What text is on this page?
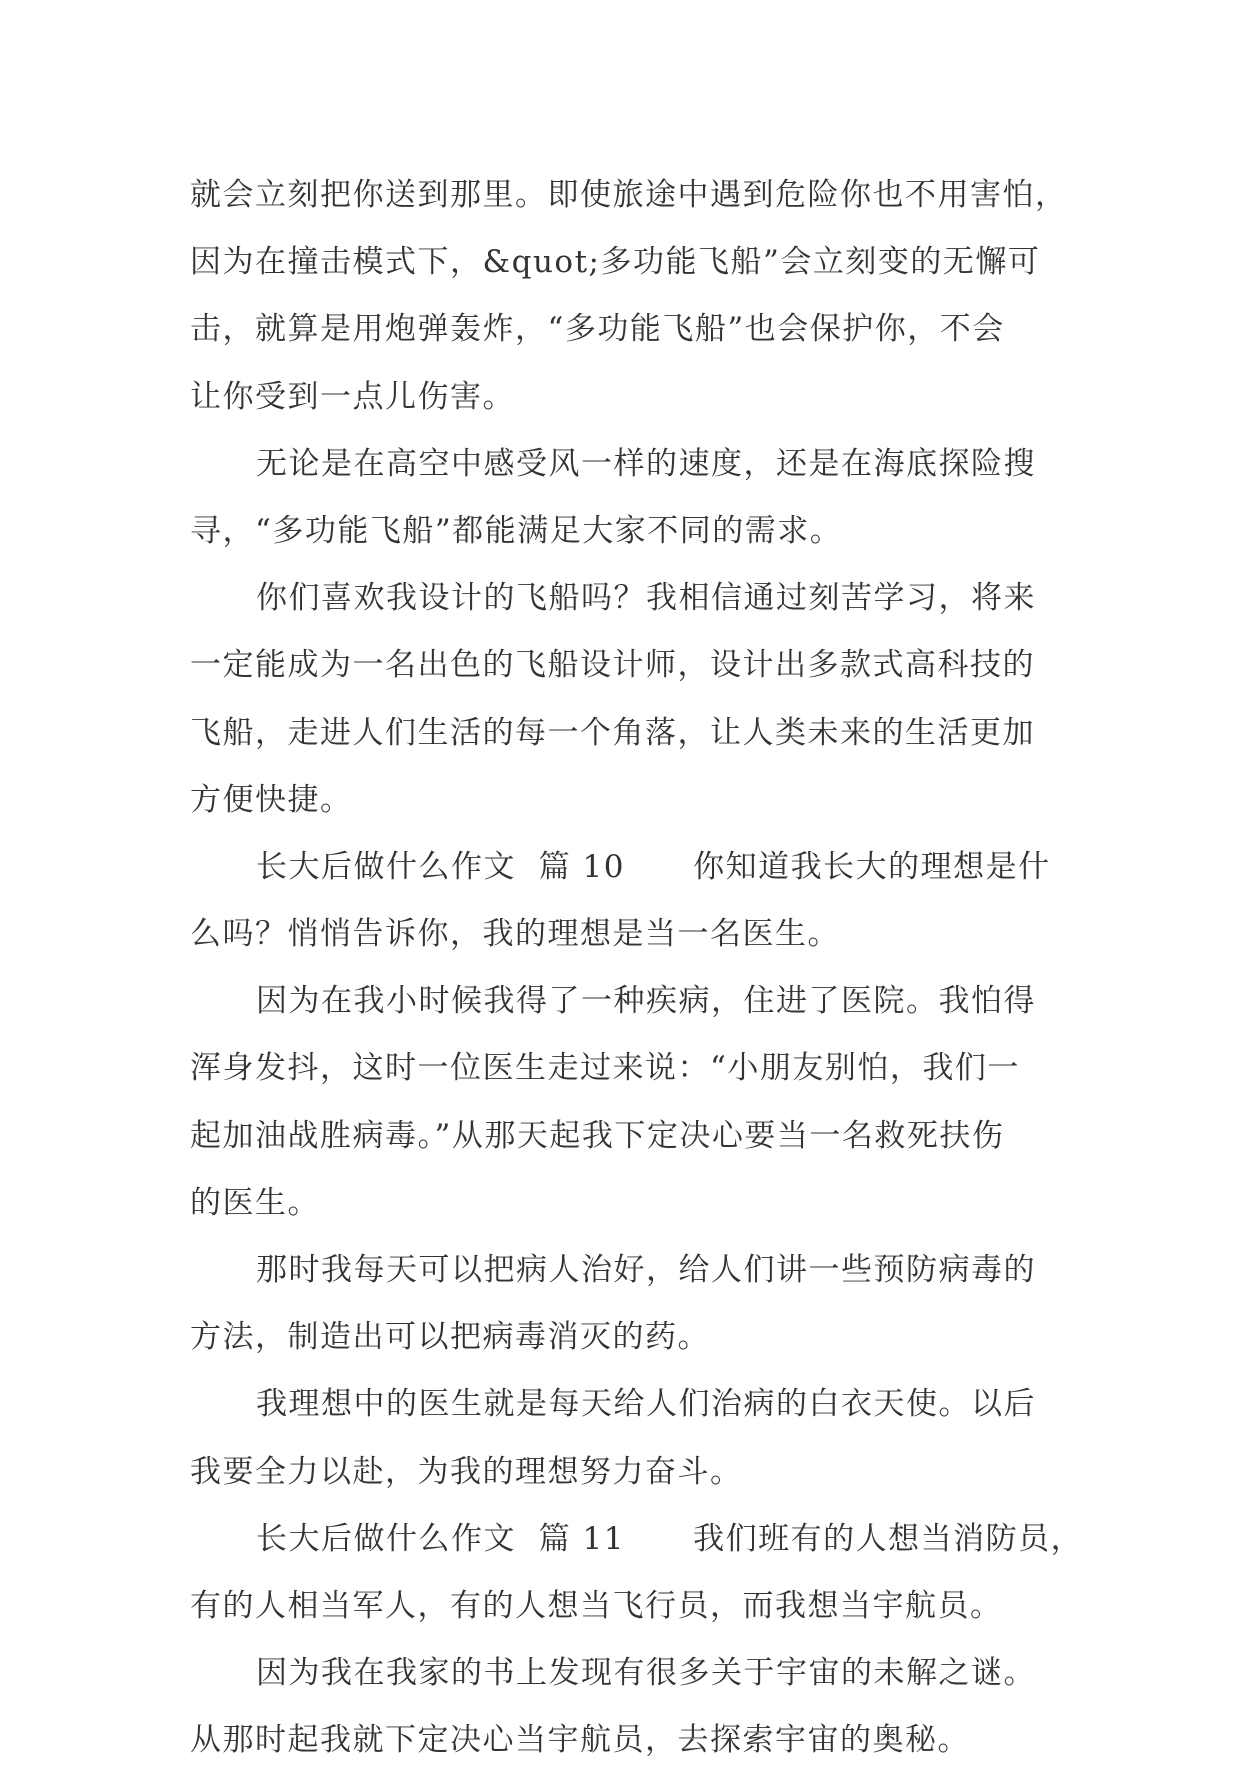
就会立刻把你送到那里。即使旅途中遇到危险你也不用害怕，
因为在撞击模式下，&quot;多功能飞船”会立刻变的无懈可
击，就算是用炮弹轰炸，“多功能飞船”也会保护你，不会
让你受到一点儿伤害。
无论是在高空中感受风一样的速度，还是在海底探险搜
寻，“多功能飞船”都能满足大家不同的需求。
你们喜欢我设计的飞船吗？我相信通过刻苦学习，将来
一定能成为一名出色的飞船设计师，设计出多款式高科技的
飞船，走进人们生活的每一个角落，让人类未来的生活更加
方便快捷。
长大后做什么作文  篇 10      你知道我长大的理想是什
么吗？悄悄告诉你，我的理想是当一名医生。
因为在我小时候我得了一种疾病，住进了医院。我怕得
浑身发抖，这时一位医生走过来说：“小朋友别怕，我们一
起加油战胜病毒。”从那天起我下定决心要当一名救死扶伤
的医生。
那时我每天可以把病人治好，给人们讲一些预防病毒的
方法，制造出可以把病毒消灭的药。
我理想中的医生就是每天给人们治病的白衣天使。以后
我要全力以赴，为我的理想努力奋斗。
长大后做什么作文  篇 11      我们班有的人想当消防员，
有的人相当军人，有的人想当飞行员，而我想当宇航员。
因为我在我家的书上发现有很多关于宇宙的未解之谜。
从那时起我就下定决心当宇航员，去探索宇宙的奥秘。
